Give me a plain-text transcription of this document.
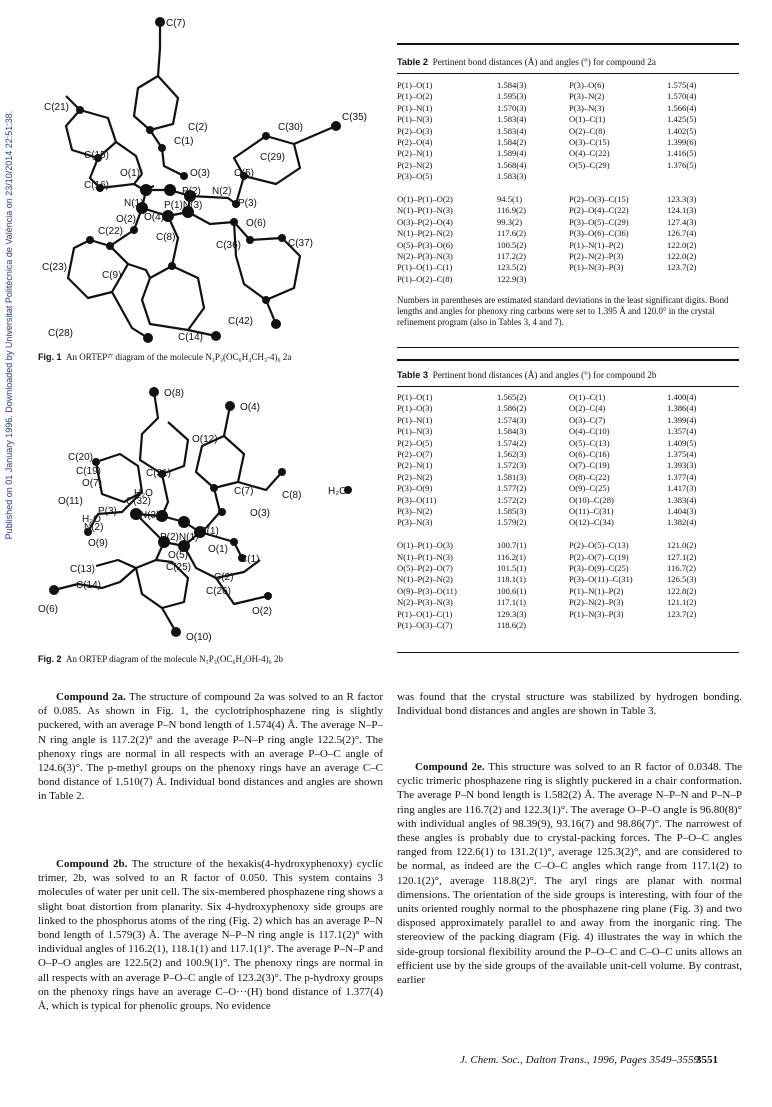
Published on 01 January 1996. Downloaded by Universitat Politècnica de València on 23/10/2014 22:51:38.
C(7)
C(21)
C(2)	C(30)
C(35)
C(1)
C(15)	C(29)
O(5)
O(3)
O(1)
C(16)
P(2) N(2)
N(1)	P(3)
P(1)N(3)
O(2) O(4)
O(6)
C(22)
C(8)
C(23)
C(36)	C(37)
C(9)
C(42)
C(28)	C(14)
Fig. 1 An ORTEP²⁷ diagram of the molecule N₃P₃(OC₆H₄CH₃-4)₆ 2a
O(8)
O(4)
O(12)
C(20)
C(19)	C(31)
C(7)	C(8)
O(7)
H₂O
O(11)	C(32)
O(3)
H₂O
P(3) N(3)
N(2)	P(1)
H₂O
O(9)
P(2)N(1)
O(1)
O(5)
C(13)	C(25)
C(1)
C(2)
O(6)
C(14)
C(26)
O(2)
O(10)
Fig. 2 An ORTEP diagram of the molecule N₃P₃(OC₆H₄OH-4)₆ 2b
Table 2 Pertinent bond distances (Å) and angles (°) for compound 2a
P(1)–O(1)	1.584(3)	P(3)–O(6)	1.575(4)
P(1)–O(2)	1.595(3)	P(3)–N(2)	1.570(4)
P(1)–N(1)	1.570(3)	P(3)–N(3)	1.566(4)
P(1)–N(3)	1.583(4)	O(1)–C(1)	1.425(5)
P(2)–O(3)	1.583(4)	O(2)–C(8)	1.402(5)
P(2)–O(4)	1.584(2)	O(3)–C(15)	1.399(6)
P(2)–N(1)	1.589(4)	O(4)–C(22)	1.416(5)
P(2)–N(2)	1.568(4)	O(5)–C(29)	1.376(5)
P(3)–O(5)	1.583(3)		

O(1)–P(1)–O(2)	94.5(1)	P(2)–O(3)–C(15)	123.3(3)
N(1)–P(1)–N(3)	116.9(2)	P(2)–O(4)–C(22)	124.1(3)
O(3)–P(2)–O(4)	99.3(2)	P(3)–O(5)–C(29)	127.4(3)
N(1)–P(2)–N(2)	117.6(2)	P(3)–O(6)–C(36)	126.7(4)
O(5)–P(3)–O(6)	100.5(2)	P(1)–N(1)–P(2)	122.0(2)
N(2)–P(3)–N(3)	117.2(2)	P(2)–N(2)–P(3)	122.0(2)
P(1)–O(1)–C(1)	123.5(2)	P(1)–N(3)–P(3)	123.7(2)
P(1)–O(2)–C(8)	122.9(3)		
Numbers in parentheses are estimated standard deviations in the least significant digits. Bond lengths and angles for phenoxy ring carbons were set to 1.395 Å and 120.0° in the crystal refinement program (also in Tables 3, 4 and 7).
Table 3 Pertinent bond distances (Å) and angles (°) for compound 2b
P(1)–O(1)	1.565(2)	O(1)–C(1)	1.400(4)
P(1)–O(3)	1.586(2)	O(2)–C(4)	1.386(4)
P(1)–N(1)	1.574(3)	O(3)–C(7)	1.399(4)
P(1)–N(3)	1.584(3)	O(4)–C(10)	1.357(4)
P(2)–O(5)	1.574(2)	O(5)–C(13)	1.409(5)
P(2)–O(7)	1.562(3)	O(6)–C(16)	1.375(4)
P(2)–N(1)	1.572(3)	O(7)–C(19)	1.393(3)
P(2)–N(2)	1.581(3)	O(8)–C(22)	1.377(4)
P(3)–O(9)	1.577(2)	O(9)–C(25)	1.417(3)
P(3)–O(11)	1.572(2)	O(10)–C(28)	1.383(4)
P(3)–N(2)	1.585(3)	O(11)–C(31)	1.404(3)
P(3)–N(3)	1.579(2)	O(12)–C(34)	1.382(4)

O(1)–P(1)–O(3)	100.7(1)	P(2)–O(5)–C(13)	121.0(2)
N(1)–P(1)–N(3)	116.2(1)	P(2)–O(7)–C(19)	127.1(2)
O(5)–P(2)–O(7)	101.5(1)	P(3)–O(9)–C(25)	116.7(2)
N(1)–P(2)–N(2)	118.1(1)	P(3)–O(11)–C(31)	126.5(3)
O(9)–P(3)–O(11)	100.6(1)	P(1)–N(1)–P(2)	122.8(2)
N(2)–P(3)–N(3)	117.1(1)	P(2)–N(2)–P(3)	121.1(2)
P(1)–O(1)–C(1)	129.3(3)	P(1)–N(3)–P(3)	123.7(2)
P(1)–O(3)–C(7)	118.6(2)		

Compound 2a. The structure of compound 2a was solved to an R factor of 0.085. As shown in Fig. 1, the cyclotriphosphazene ring is slightly puckered, with an average P–N bond length of 1.574(4) Å. The average N–P–N ring angle is 117.2(2)° and the average P–N–P ring angle 122.5(2)°. The phenoxy rings are normal in all respects with an average P–O–C angle of 124.6(3)°. The p-methyl groups on the phenoxy rings have an average C–C bond distance of 1.510(7) Å. Individual bond distances and angles are shown in Table 2.

Compound 2b. The structure of the hexakis(4-hydroxyphenoxy) cyclic trimer, 2b, was solved to an R factor of 0.050. This system contains 3 molecules of water per unit cell. The six-membered phosphazene ring shows a slight boat distortion from planarity. Six 4-hydroxyphenoxy side groups are linked to the phosphorus atoms of the ring (Fig. 2) which has an average P–N bond length of 1.579(3) Å. The average N–P–N ring angle is 117.1(2)° with individual angles of 116.2(1), 118.1(1) and 117.1(1)°. The average P–N–P and O–P–O angles are 122.5(2) and 100.9(1)°. The phenoxy rings are normal in all respects with an average P–O–C angle of 123.2(3)°. The p-hydroxy groups on the phenoxy rings have an average C–O···(H) bond distance of 1.377(4) Å, which is typical for phenolic groups. No evidence

was found that the crystal structure was stabilized by hydrogen bonding. Individual bond distances and angles are shown in Table 3.

Compound 2e. This structure was solved to an R factor of 0.0348. The cyclic trimeric phosphazene ring is slightly puckered in a chair conformation. The average P–N bond length is 1.582(2) Å. The average N–P–N and P–N–P ring angles are 116.7(2) and 122.3(1)°. The average O–P–O angle is 96.80(8)° with individual angles of 98.39(9), 93.16(7) and 98.86(7)°. The narrowest of these angles is probably due to crystal-packing forces. The P–O–C angles ranged from 122.6(1) to 131.2(1)°, average 125.3(2)°, and are considered to be normal, as indeed are the C–O–C angles which range from 117.1(2) to 120.1(2)°, average 118.8(2)°. The aryl rings are planar with normal dimensions. The orientation of the side groups is interesting, with four of the units oriented roughly normal to the phosphazene ring plane (Fig. 3) and two disposed approximately parallel to and away from the inorganic ring. The stereoview of the packing diagram (Fig. 4) illustrates the way in which the side-group torsional flexibility around the P–O–C and C–O–C units allows an efficient use by the side groups of the available unit-cell volume. By contrast, earlier

J. Chem. Soc., Dalton Trans., 1996, Pages 3549–3559
3551
